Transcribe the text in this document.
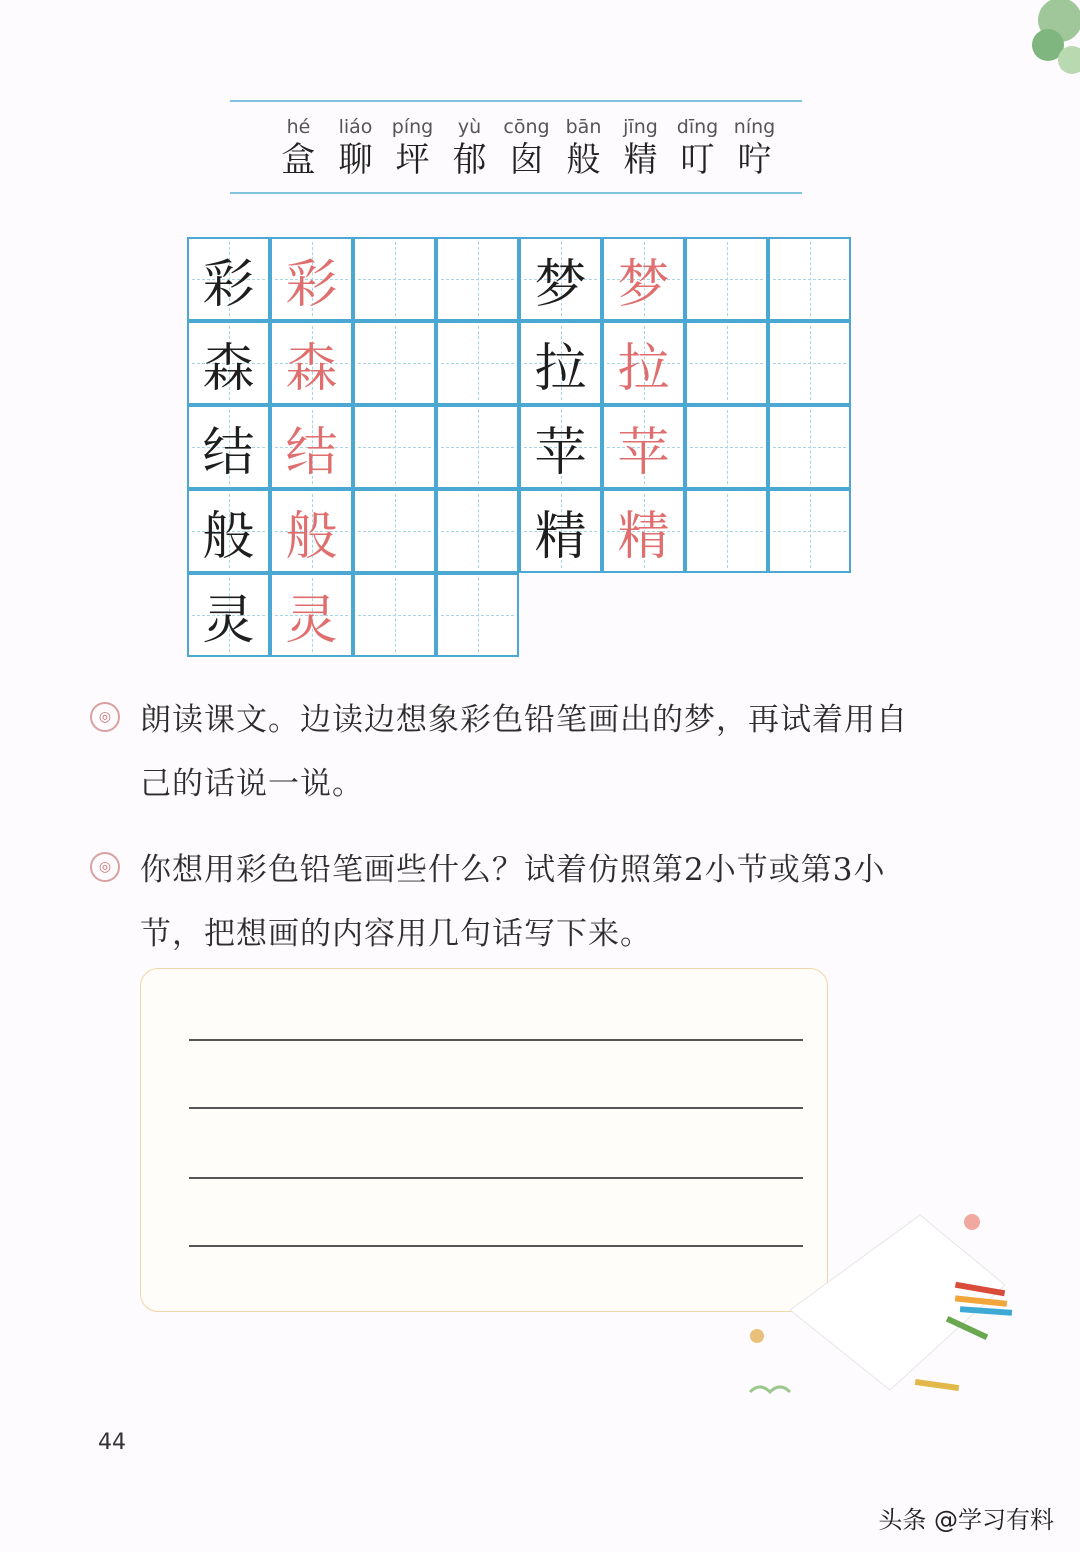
hé
盒
liáo
聊
píng
坪
yù
郁
cōng
囱
bān
般
jīng
精
dīng
叮
níng
咛
彩 彩
森 森
结 结
般 般
灵 灵
梦 梦
拉 拉
苹 苹
精 精
◎ 朗读课文。边读边想象彩色铅笔画出的梦，再试着用自
己的话说一说。
◎ 你想用彩色铅笔画些什么？试着仿照第2小节或第3小
节，把想画的内容用几句话写下来。
44
头条 @学习有料
